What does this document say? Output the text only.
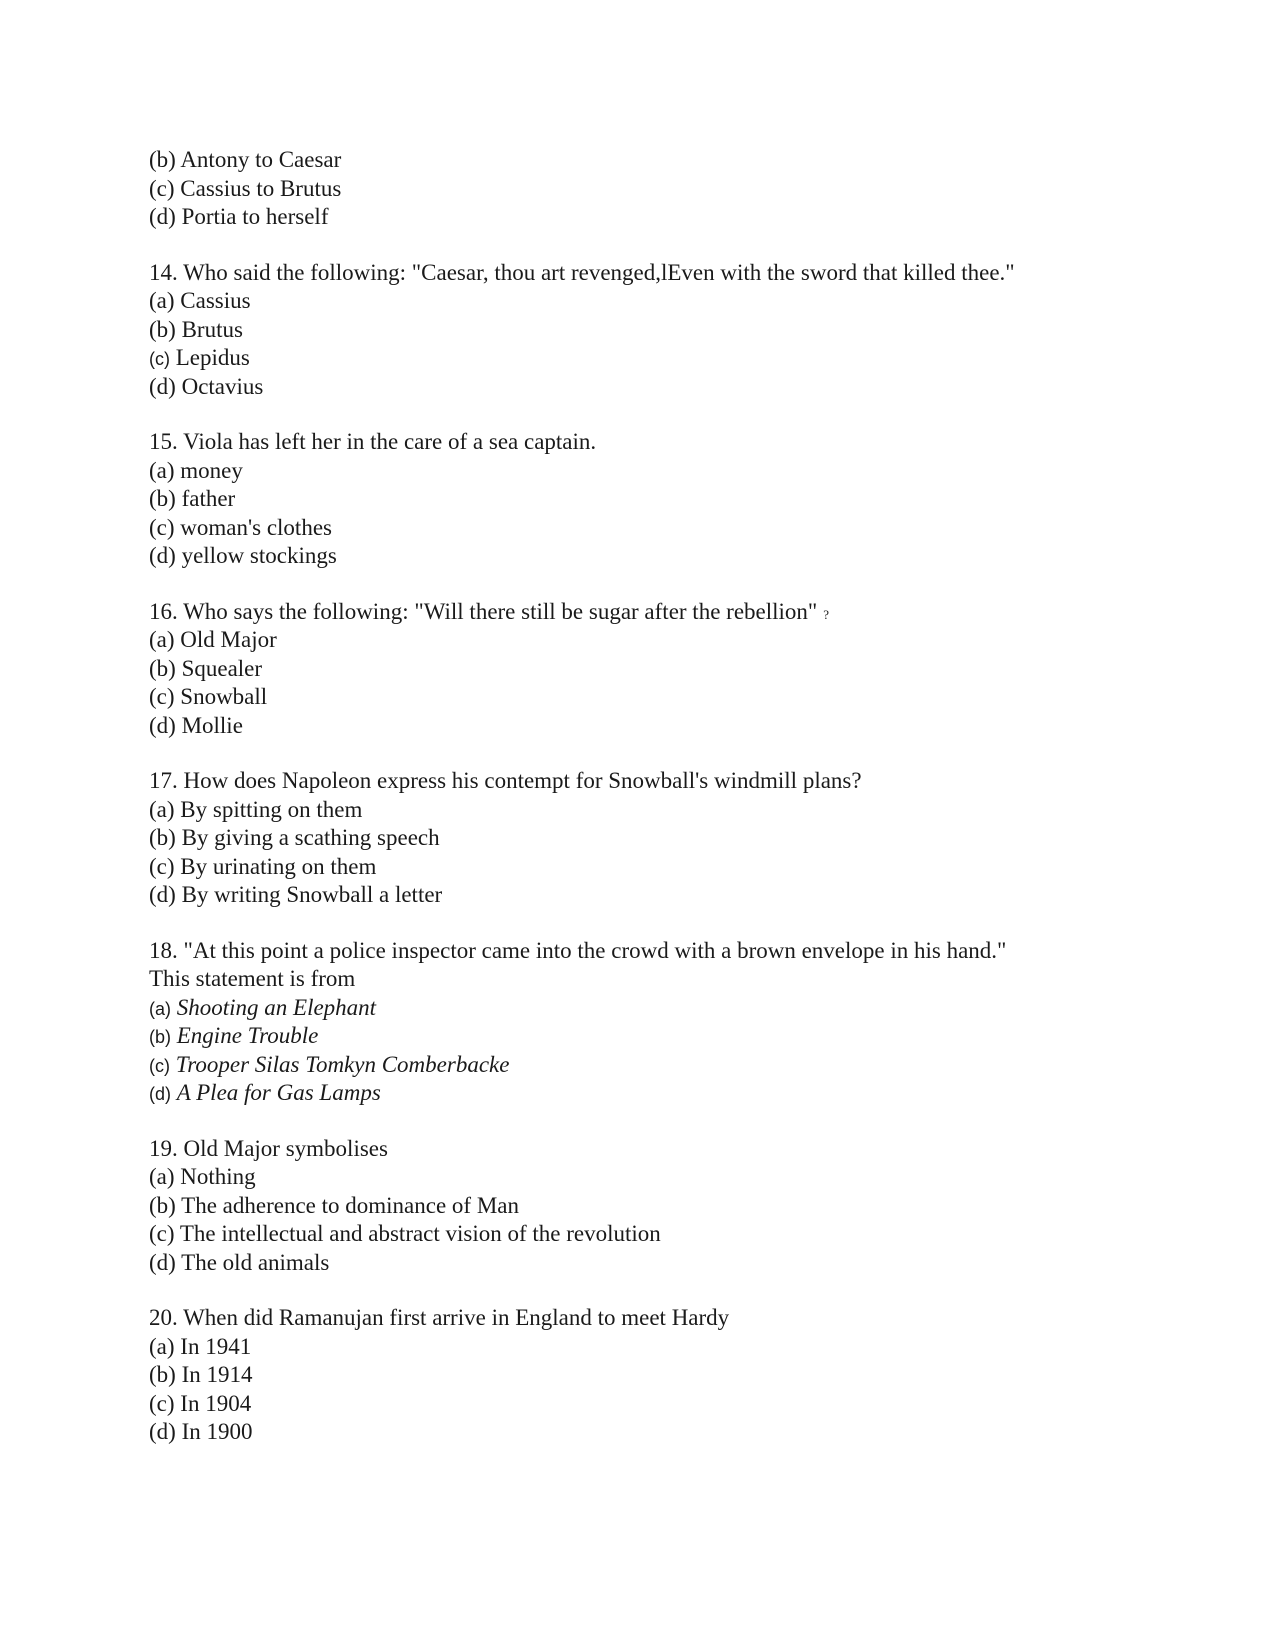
(b) Antony to Caesar
(c) Cassius to Brutus
(d) Portia to herself
14. Who said the following: "Caesar, thou art revenged,lEven with the sword that killed thee."
(a) Cassius
(b) Brutus
(c) Lepidus
(d) Octavius
15. Viola has left her in the care of a sea captain.
(a) money
(b) father
(c) woman's clothes
(d) yellow stockings
16. Who says the following: "Will there still be sugar after the rebellion" ?
(a) Old Major
(b) Squealer
(c) Snowball
(d) Mollie
17. How does Napoleon express his contempt for Snowball's windmill plans?
(a) By spitting on them
(b) By giving a scathing speech
(c) By urinating on them
(d) By writing Snowball a letter
18. "At this point a police inspector came into the crowd with a brown envelope in his hand."
This statement is from
(a) Shooting an Elephant
(b) Engine Trouble
(c) Trooper Silas Tomkyn Comberbacke
(d) A Plea for Gas Lamps
19. Old Major symbolises
(a) Nothing
(b) The adherence to dominance of Man
(c) The intellectual and abstract vision of the revolution
(d) The old animals
20. When did Ramanujan first arrive in England to meet Hardy
(a) In 1941
(b) In 1914
(c) In 1904
(d) In 1900
